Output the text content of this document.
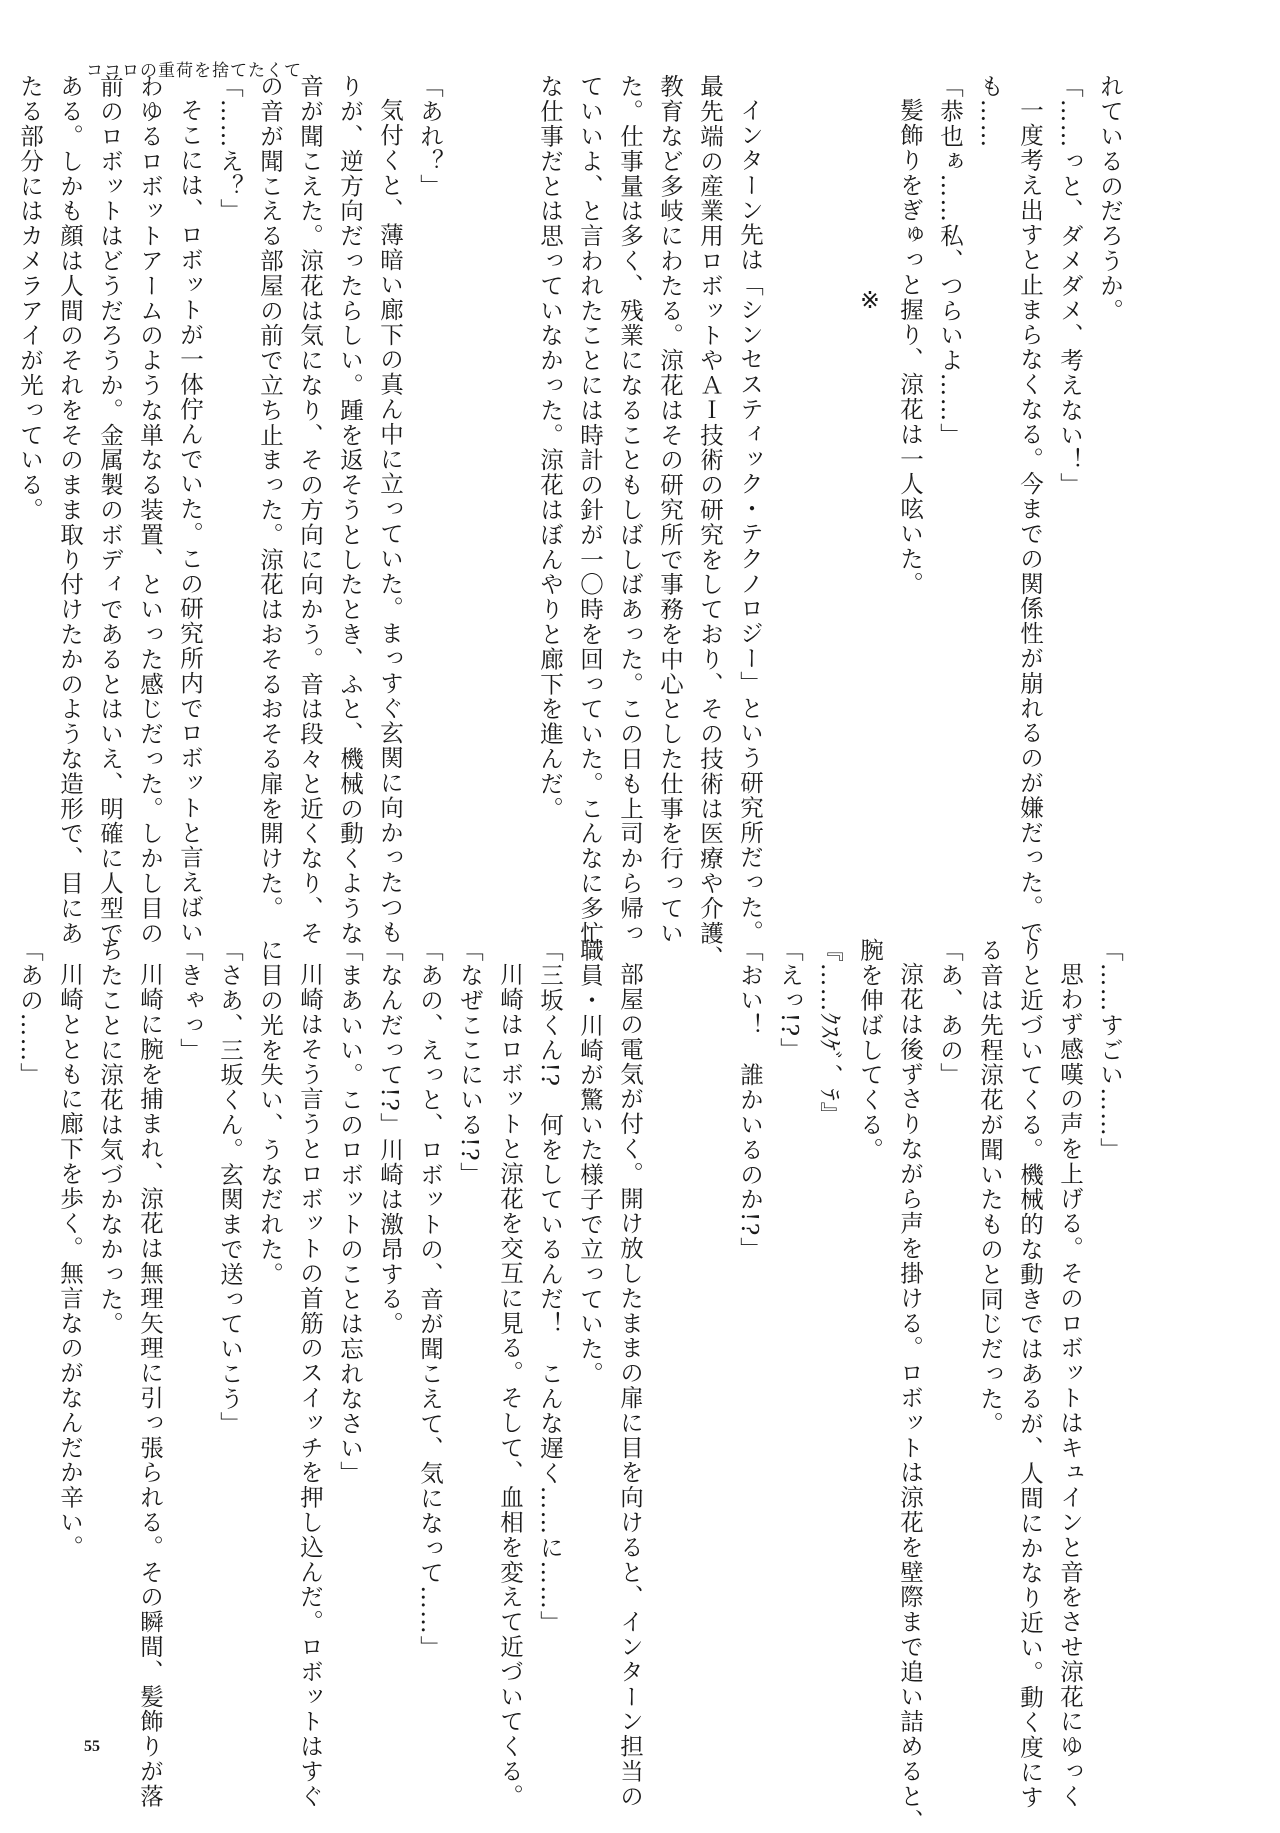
ココロの重荷を捨てたくて

れているのだろうか。

「……っと、ダメダメ、考えない！」

一度考え出すと止まらなくなる。今までの関係性が崩れるのが嫌だった。で

も……

「恭也ぁ……私、つらいよ……」

髪飾りをぎゅっと握り、涼花は一人呟いた。

※

インターン先は「シンセスティック・テクノロジー」という研究所だった。

最先端の産業用ロボットやＡＩ技術の研究をしており、その技術は医療や介護、

教育など多岐にわたる。涼花はその研究所で事務を中心とした仕事を行ってい

た。仕事量は多く、残業になることもしばしばあった。この日も上司から帰っ

ていいよ、と言われたことには時計の針が一〇時を回っていた。こんなに多忙

な仕事だとは思っていなかった。涼花はぼんやりと廊下を進んだ。

「あれ？」

気付くと、薄暗い廊下の真ん中に立っていた。まっすぐ玄関に向かったつも

りが、逆方向だったらしい。踵を返そうとしたとき、ふと、機械の動くような

音が聞こえた。涼花は気になり、その方向に向かう。音は段々と近くなり、そ

の音が聞こえる部屋の前で立ち止まった。涼花はおそるおそる扉を開けた。

「……え？」

そこには、ロボットが一体佇んでいた。この研究所内でロボットと言えばい

わゆるロボットアームのような単なる装置、といった感じだった。しかし目の

前のロボットはどうだろうか。金属製のボディであるとはいえ、明確に人型で

ある。しかも顔は人間のそれをそのまま取り付けたかのような造形で、目にあ

たる部分にはカメラアイが光っている。

「……すごい……」

思わず感嘆の声を上げる。そのロボットはキュインと音をさせ涼花にゆっく

りと近づいてくる。機械的な動きではあるが、人間にかなり近い。動く度にす

る音は先程涼花が聞いたものと同じだった。

「あ、あの」

涼花は後ずさりながら声を掛ける。ロボットは涼花を壁際まで追い詰めると、

腕を伸ばしてくる。

『……ｸｽｹﾞ、ﾃ』

「えっ!?」

「おい！　誰かいるのか!?」

部屋の電気が付く。開け放したままの扉に目を向けると、インターン担当の

職員・川崎が驚いた様子で立っていた。

「三坂くん!?　何をしているんだ！　こんな遅く……に……」

川崎はロボットと涼花を交互に見る。そして、血相を変えて近づいてくる。

「なぜここにいる!?」

「あの、えっと、ロボットの、音が聞こえて、気になって……」

「なんだって!?」川崎は激昂する。

「まあいい。このロボットのことは忘れなさい」

川崎はそう言うとロボットの首筋のスイッチを押し込んだ。ロボットはすぐ

に目の光を失い、うなだれた。

「さあ、三坂くん。玄関まで送っていこう」

「きゃっ」

川崎に腕を捕まれ、涼花は無理矢理に引っ張られる。その瞬間、髪飾りが落

ちたことに涼花は気づかなかった。

川崎とともに廊下を歩く。無言なのがなんだか辛い。

「あの……」

55
